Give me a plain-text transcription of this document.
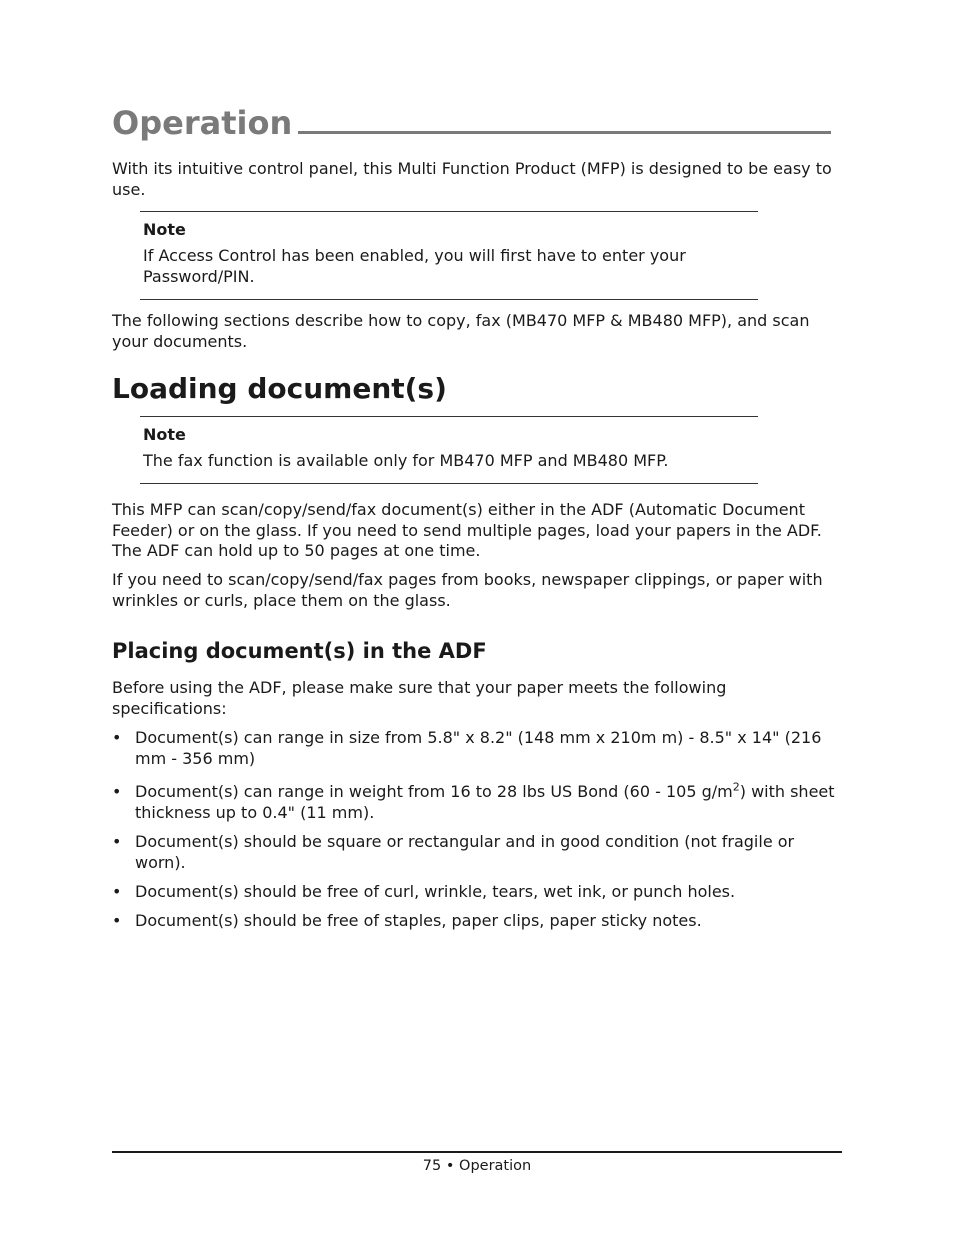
Operation

With its intuitive control panel, this Multi Function Product (MFP) is designed to be easy to use.

Note

If Access Control has been enabled, you will first have to enter your Password/PIN.

The following sections describe how to copy, fax (MB470 MFP & MB480 MFP), and scan your documents.

Loading document(s)

Note

The fax function is available only for MB470 MFP and MB480 MFP.

This MFP can scan/copy/send/fax document(s) either in the ADF (Automatic Document Feeder) or on the glass. If you need to send multiple pages, load your papers in the ADF. The ADF can hold up to 50 pages at one time.

If you need to scan/copy/send/fax pages from books, newspaper clippings, or paper with wrinkles or curls, place them on the glass.

Placing document(s) in the ADF

Before using the ADF, please make sure that your paper meets the following specifications:

• Document(s) can range in size from 5.8" x 8.2" (148 mm x 210m m) - 8.5" x 14" (216 mm - 356 mm)
• Document(s) can range in weight from 16 to 28 lbs US Bond (60 - 105 $g/m^2$) with sheet thickness up to 0.4" (11 mm).
• Document(s) should be square or rectangular and in good condition (not fragile or worn).
• Document(s) should be free of curl, wrinkle, tears, wet ink, or punch holes.
• Document(s) should be free of staples, paper clips, paper sticky notes.
75 • Operation
